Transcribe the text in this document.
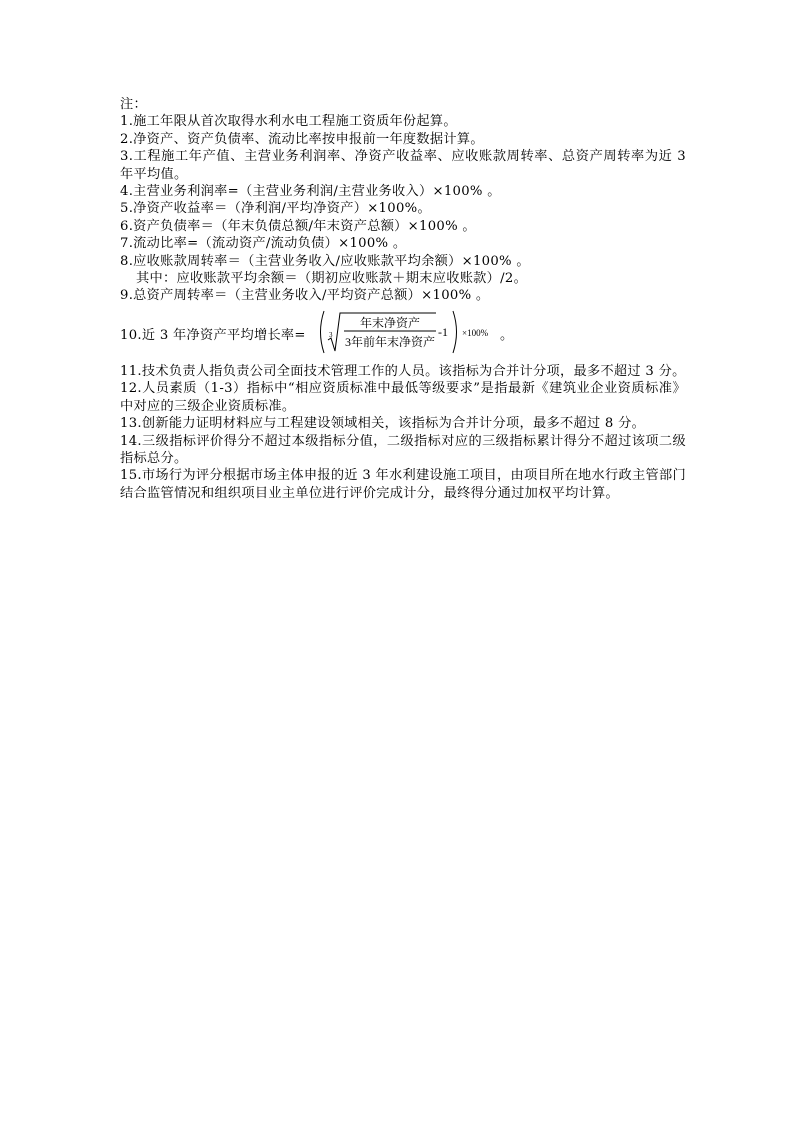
注：
1.施工年限从首次取得水利水电工程施工资质年份起算。
2.净资产、资产负债率、流动比率按申报前一年度数据计算。
3.工程施工年产值、主营业务利润率、净资产收益率、应收账款周转率、总资产周转率为近 3 年平均值。
4.主营业务利润率=（主营业务利润/主营业务收入）×100% 。
5.净资产收益率＝（净利润/平均净资产）×100%。
6.资产负债率＝（年末负债总额/年末资产总额）×100% 。
7.流动比率=（流动资产/流动负债）×100% 。
8.应收账款周转率＝（主营业务收入/应收账款平均余额）×100% 。
其中：应收账款平均余额＝（期初应收账款＋期末应收账款）/2。
9.总资产周转率＝（主营业务收入/平均资产总额）×100% 。
10.近 3 年净资产平均增长率=	3
年末净资产
3年前年末净资产
-1 ×100% 。
11.技术负责人指负责公司全面技术管理工作的人员。该指标为合并计分项，最多不超过 3 分。
12.人员素质（1-3）指标中“相应资质标准中最低等级要求”是指最新《建筑业企业资质标准》中对应的三级企业资质标准。
13.创新能力证明材料应与工程建设领域相关，该指标为合并计分项，最多不超过 8 分。
14.三级指标评价得分不超过本级指标分值，二级指标对应的三级指标累计得分不超过该项二级指标总分。
15.市场行为评分根据市场主体申报的近 3 年水利建设施工项目，由项目所在地水行政主管部门结合监管情况和组织项目业主单位进行评价完成计分，最终得分通过加权平均计算。
